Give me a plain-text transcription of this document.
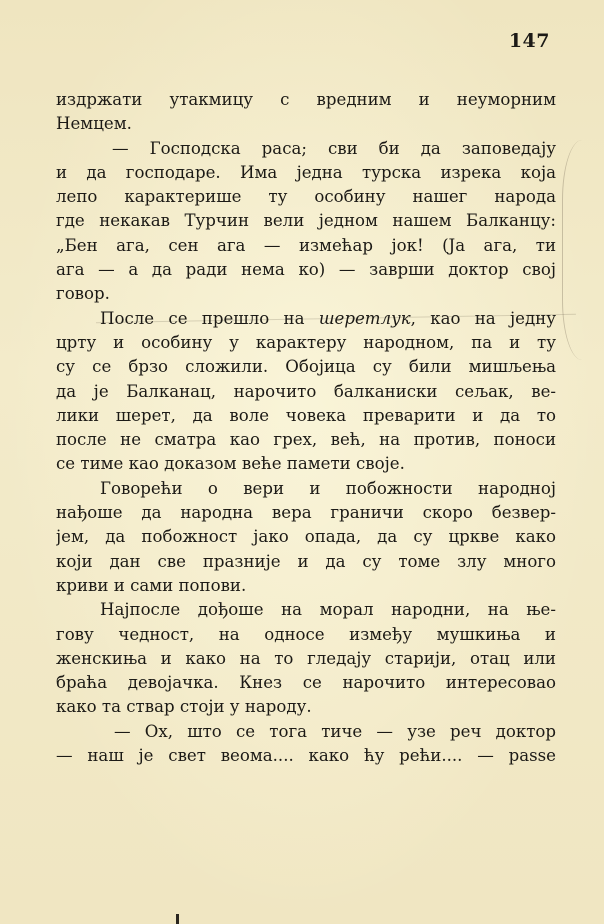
147
издржати утакмицу с вредним и неуморним
Немцем.
— Господска раса; сви би да заповедају
и да господаре. Има једна турска изрека која
лепо карактерише ту особину нашег народа
где некакав Турчин вели једном нашем Балканцу:
„Бен ага, сен ага — измећар јок! (Ја ага, ти
ага — а да ради нема ко) — заврши доктор свој
говор.
После се прешло на шеретлук, као на једну
црту и особину у карактеру народном, па и ту
су се брзо сложили. Обојица су били мишљења
да је Балканац, нарочито балканиски сељак, ве-
лики шерет, да воле човека преварити и да то
после не сматра као грех, већ, на против, поноси
се тиме као доказом веће памети своје.
Говорећи о вери и побожности народној
нађоше да народна вера граничи скоро безвер-
јем, да побожност јако опада, да су цркве како
који дан све празније и да су томе злу много
криви и сами попови.
Најпосле дођоше на морал народни, на ње-
гову чедност, на односе између мушкиња и
женскиња и како на то гледају старији, отац или
браћа девојачка. Кнез се нарочито интересовао
како та ствар стоји у народу.
— Ох, што се тога тиче — узе реч доктор
— наш је свет веома.... како ћу рећи.... — passe
